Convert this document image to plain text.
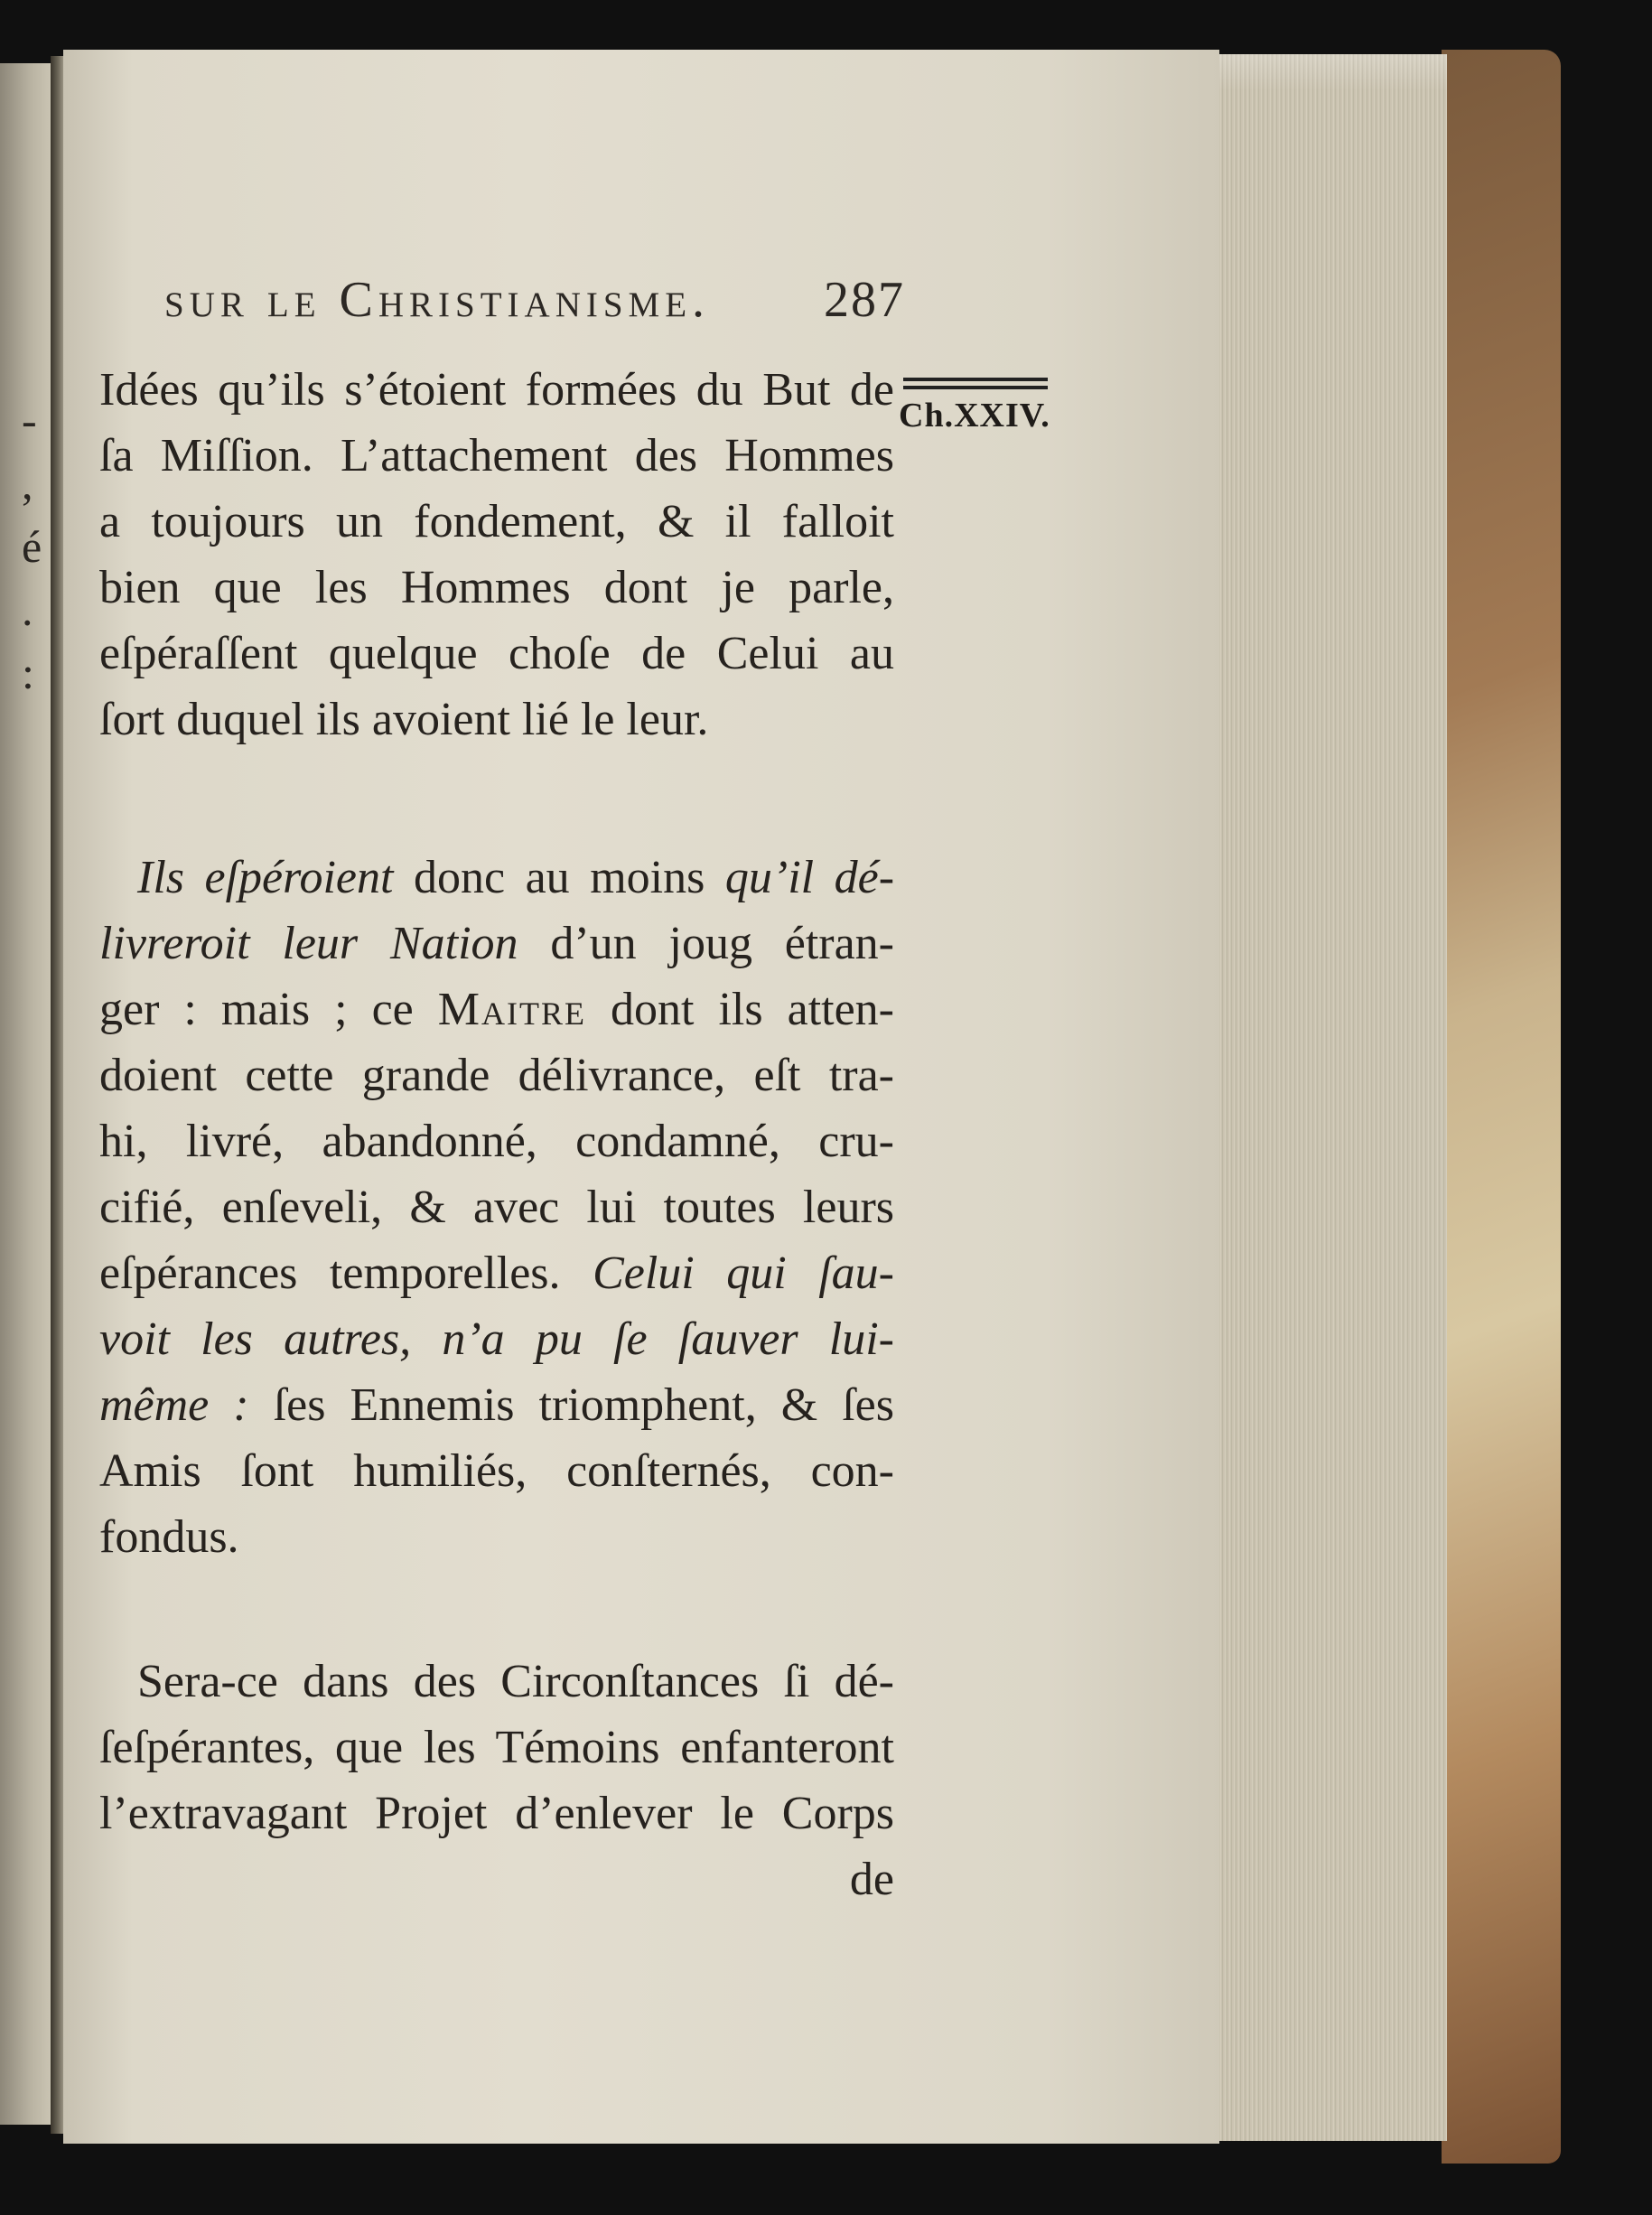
-
,
é
.
:
sur le Christianisme. 287
Ch.XXIV.
Idées qu’ils s’étoient formées du But de
ſa Miſſion. L’attachement des Hommes
a toujours un fondement, & il falloit
bien que les Hommes dont je parle,
eſpéraſſent quelque choſe de Celui au
ſort duquel ils avoient lié le leur.
Ils eſpéroient donc au moins qu’il dé-
livreroit leur Nation d’un joug étran-
ger : mais ; ce Maitre dont ils atten-
doient cette grande délivrance, eſt tra-
hi, livré, abandonné, condamné, cru-
cifié, enſeveli, & avec lui toutes leurs
eſpérances temporelles. Celui qui ſau-
voit les autres, n’a pu ſe ſauver lui-
même : ſes Ennemis triomphent, & ſes
Amis ſont humiliés, conſternés, con-
fondus.
Sera-ce dans des Circonſtances ſi dé-
ſeſpérantes, que les Témoins enfanteront
l’extravagant Projet d’enlever le Corps
de
